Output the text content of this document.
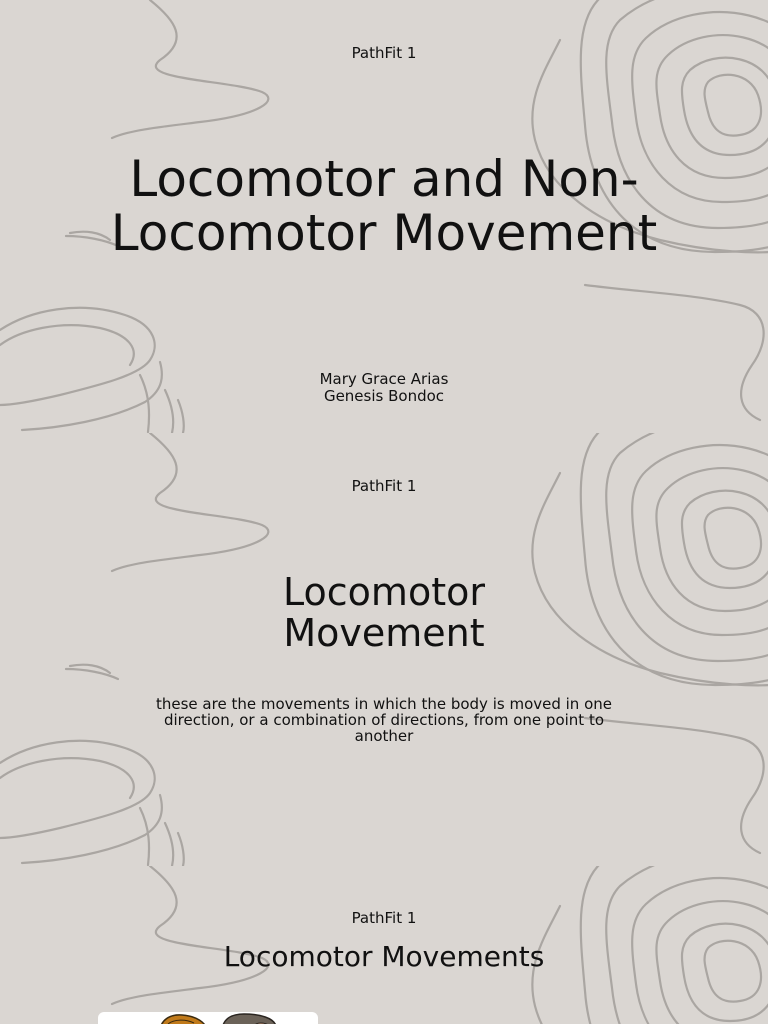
PathFit 1

Locomotor and Non-
Locomotor Movement
Mary Grace Arias
Genesis Bondoc

PathFit 1

Locomotor
Movement

these are the movements in which the body is moved in one direction, or a combination of directions, from one point to another

PathFit 1

Locomotor Movements
